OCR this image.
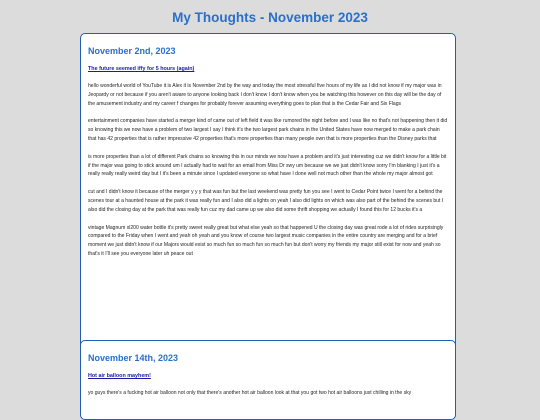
My Thoughts - November 2023
November 2nd, 2023
The future seemed iffy for 5 hours (again)

hello wonderful world of YouTube it is Alex it is November 2nd by the way and today the most stressful five hours of my life as I did not know if my major was in Jeopardy or not because if you aren't aware to anyone looking back I don't know I don't know when you be watching this however on this day will be the day of the amusement industry and my career f changes for probably forever assuming everything goes to plan that is the Cedar Fair and Six Flags

entertainment companies have started a merger kind of came out of left field it was like rumored the night before and I was like no that's not happening then it did so knowing this we now have a problem of two largest I say I think it's the two largest park chains in the United States have now merged to make a park chain that has 42 properties that is rather impressive 42 properties that's more properties than many people own that is more properties than the Disney parks that

is more properties than a lot of different Park chains so knowing this in our minds we now have a problem and it's just interesting cuz we didn't know for a little bit if the major was going to stick around um I actually had to wait for an email from Miss Dr swy um because we we just didn't know sorry I'm blanking I just it's a really really really weird day but I it's been a minute since I updated everyone so what have I done well not much other than the whole my major almost got

cut and I didn't know it because of the merger y y y that was fun but the last weekend was pretty fun you see I went to Cedar Point twice I went for a behind the scenes tour at a haunted house at the park it was really fun and I also did a lights on yeah I also did lights on which was also part of the behind the scenes but I also did the closing day at the park that was really fun cuz my dad came up we also did some thrift shopping we actually I found this for 12 bucks it's a

vintage Magnum xl200 water bottle it's pretty sweet really great but what else yeah so that happened U the closing day was great rode a lot of rides surprisingly compared to the Friday when I went and yeah oh yeah and you know of course two largest music companies in the entire country are merging and for a brief moment we just didn't know if our Majors would exist so much fun so much fun so much fun but don't worry my friends my major still exist for now and yeah so that's it I'll see you everyone later uh peace out

November 14th, 2023
Hot air balloon mayhem!

yo guys there's a fucking hot air balloon not only that there's another hot air balloon look at that you got two hot air balloons just chilling in the sky
